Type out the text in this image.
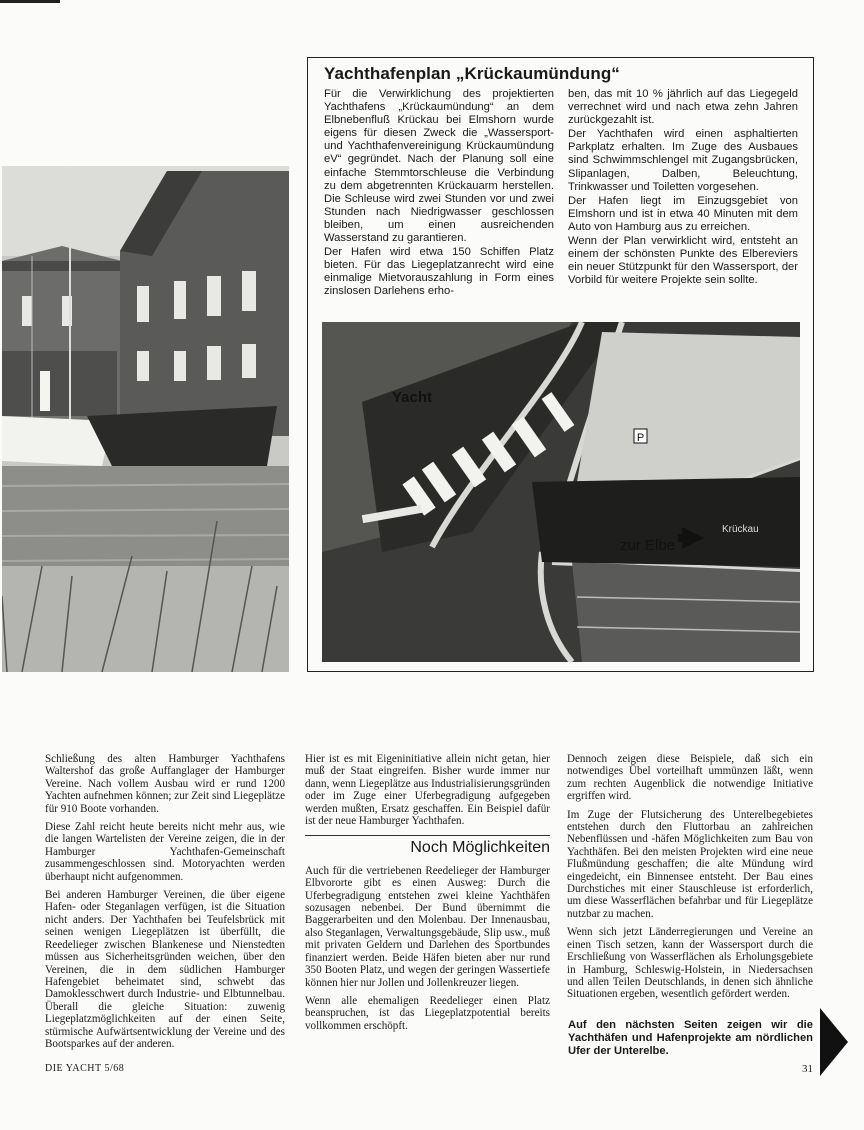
Yachthafenplan „Krückaumündung“

Für die Verwirklichung des projektierten Yachthafens „Krückaumündung“ an dem Elbnebenfluß Krückau bei Elmshorn wurde eigens für diesen Zweck die „Wassersport- und Yachthafenvereinigung Krückaumündung eV“ gegründet. Nach der Planung soll eine einfache Stemmtorschleuse die Verbindung zu dem abgetrennten Krückauarm herstellen. Die Schleuse wird zwei Stunden vor und zwei Stunden nach Niedrigwasser geschlossen bleiben, um einen ausreichenden Wasserstand zu garantieren.

Der Hafen wird etwa 150 Schiffen Platz bieten. Für das Liegeplatzanrecht wird eine einmalige Mietvorauszahlung in Form eines zinslosen Darlehens erho-

ben, das mit 10 % jährlich auf das Liegegeld verrechnet wird und nach etwa zehn Jahren zurückgezahlt ist.

Der Yachthafen wird einen asphaltierten Parkplatz erhalten. Im Zuge des Ausbaues sind Schwimmschlengel mit Zugangsbrücken, Slipanlagen, Dalben, Beleuchtung, Trinkwasser und Toiletten vorgesehen.

Der Hafen liegt im Einzugsgebiet von Elmshorn und ist in etwa 40 Minuten mit dem Auto von Hamburg aus zu erreichen.

Wenn der Plan verwirklicht wird, entsteht an einem der schönsten Punkte des Elbereviers ein neuer Stützpunkt für den Wassersport, der Vorbild für weitere Projekte sein sollte.

P
Yacht
zur Elbe
Krückau

Schließung des alten Hamburger Yachthafens Waltershof das große Auffanglager der Hamburger Vereine. Nach vollem Ausbau wird er rund 1200 Yachten aufnehmen können; zur Zeit sind Liegeplätze für 910 Boote vorhanden.

Diese Zahl reicht heute bereits nicht mehr aus, wie die langen Wartelisten der Vereine zeigen, die in der Hamburger Yachthafen-Gemeinschaft zusammengeschlossen sind. Motoryachten werden überhaupt nicht aufgenommen.

Bei anderen Hamburger Vereinen, die über eigene Hafen- oder Steganlagen verfügen, ist die Situation nicht anders. Der Yachthafen bei Teufelsbrück mit seinen wenigen Liegeplätzen ist überfüllt, die Reedelieger zwischen Blankenese und Nienstedten müssen aus Sicherheitsgründen weichen, über den Vereinen, die in dem südlichen Hamburger Hafengebiet beheimatet sind, schwebt das Damoklesschwert durch Industrie- und Elbtunnelbau. Überall die gleiche Situation: zuwenig Liegeplatzmöglichkeiten auf der einen Seite, stürmische Aufwärtsentwicklung der Vereine und des Bootsparkes auf der anderen.

Hier ist es mit Eigeninitiative allein nicht getan, hier muß der Staat eingreifen. Bisher wurde immer nur dann, wenn Liegeplätze aus Industrialisierungsgründen oder im Zuge einer Uferbegradigung aufgegeben werden mußten, Ersatz geschaffen. Ein Beispiel dafür ist der neue Hamburger Yachthafen.

Noch Möglichkeiten

Auch für die vertriebenen Reedelieger der Hamburger Elbvororte gibt es einen Ausweg: Durch die Uferbegradigung entstehen zwei kleine Yachthäfen sozusagen nebenbei. Der Bund übernimmt die Baggerarbeiten und den Molenbau. Der Innenausbau, also Steganlagen, Verwaltungsgebäude, Slip usw., muß mit privaten Geldern und Darlehen des Sportbundes finanziert werden. Beide Häfen bieten aber nur rund 350 Booten Platz, und wegen der geringen Wassertiefe können hier nur Jollen und Jollenkreuzer liegen.

Wenn alle ehemaligen Reedelieger einen Platz beanspruchen, ist das Liegeplatzpotential bereits vollkommen erschöpft.

Dennoch zeigen diese Beispiele, daß sich ein notwendiges Übel vorteilhaft ummünzen läßt, wenn zum rechten Augenblick die notwendige Initiative ergriffen wird.

Im Zuge der Flutsicherung des Unterelbegebietes entstehen durch den Fluttorbau an zahlreichen Nebenflüssen und -häfen Möglichkeiten zum Bau von Yachthäfen. Bei den meisten Projekten wird eine neue Flußmündung geschaffen; die alte Mündung wird eingedeicht, ein Binnensee entsteht. Der Bau eines Durchstiches mit einer Stauschleuse ist erforderlich, um diese Wasserflächen befahrbar und für Liegeplätze nutzbar zu machen.

Wenn sich jetzt Länderregierungen und Vereine an einen Tisch setzen, kann der Wassersport durch die Erschließung von Wasserflächen als Erholungsgebiete in Hamburg, Schleswig-Holstein, in Niedersachsen und allen Teilen Deutschlands, in denen sich ähnliche Situationen ergeben, wesentlich gefördert werden.

Auf den nächsten Seiten zeigen wir die Yachthäfen und Hafenprojekte am nördlichen Ufer der Unterelbe.
DIE YACHT 5/68	31
